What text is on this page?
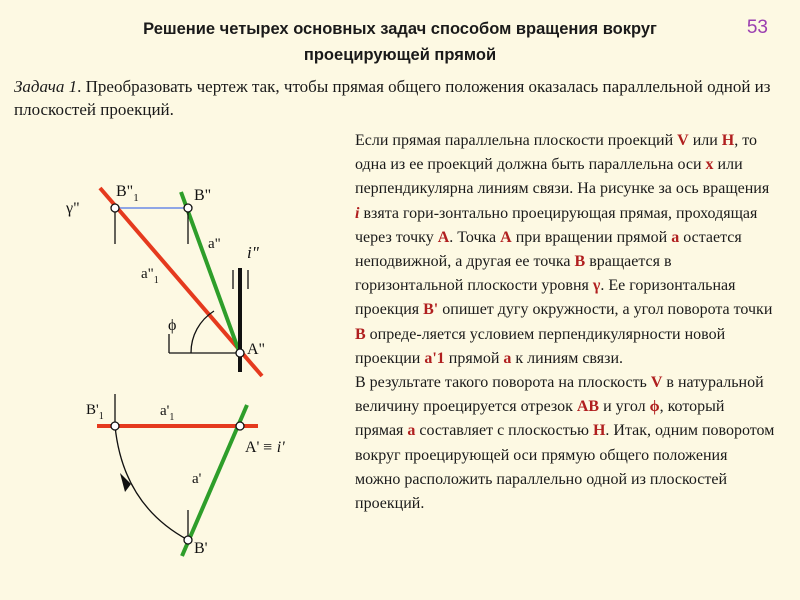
Решение четырех основных задач способом вращения вокруг
проецирующей прямой
53
Задача 1. Преобразовать чертеж так, чтобы прямая общего положения оказалась параллельной одной из плоскостей проекций.

Если прямая параллельна плоскости проекций V или Н, то одна из ее проекций должна быть параллельна оси х или перпендикулярна линиям связи. На рисунке за ось вращения i взята гори-зонтально проецирующая прямая, проходящая через точку А. Точка А при вращении прямой а остается неподвижной, а другая ее точка В вращается в горизонтальной плоскости уровня γ. Ее горизонтальная проекция В' опишет дугу окружности, а угол поворота точки В опреде-ляется условием перпендикулярности новой проекции а'1 прямой а к линиям связи.

В результате такого поворота на плоскость V в натуральной величину проецируется отрезок АВ и угол ϕ, который прямая а составляет с плоскостью Н. Итак, одним поворотом вокруг проецирующей оси прямую общего положения можно расположить параллельно одной из плоскостей проекций.

γ"
$B"_1$	B"
a"
$a"_1$
i"
ϕ
A"
$B'_1$	$a'_1$
A' ≡ i'
a'
B'
